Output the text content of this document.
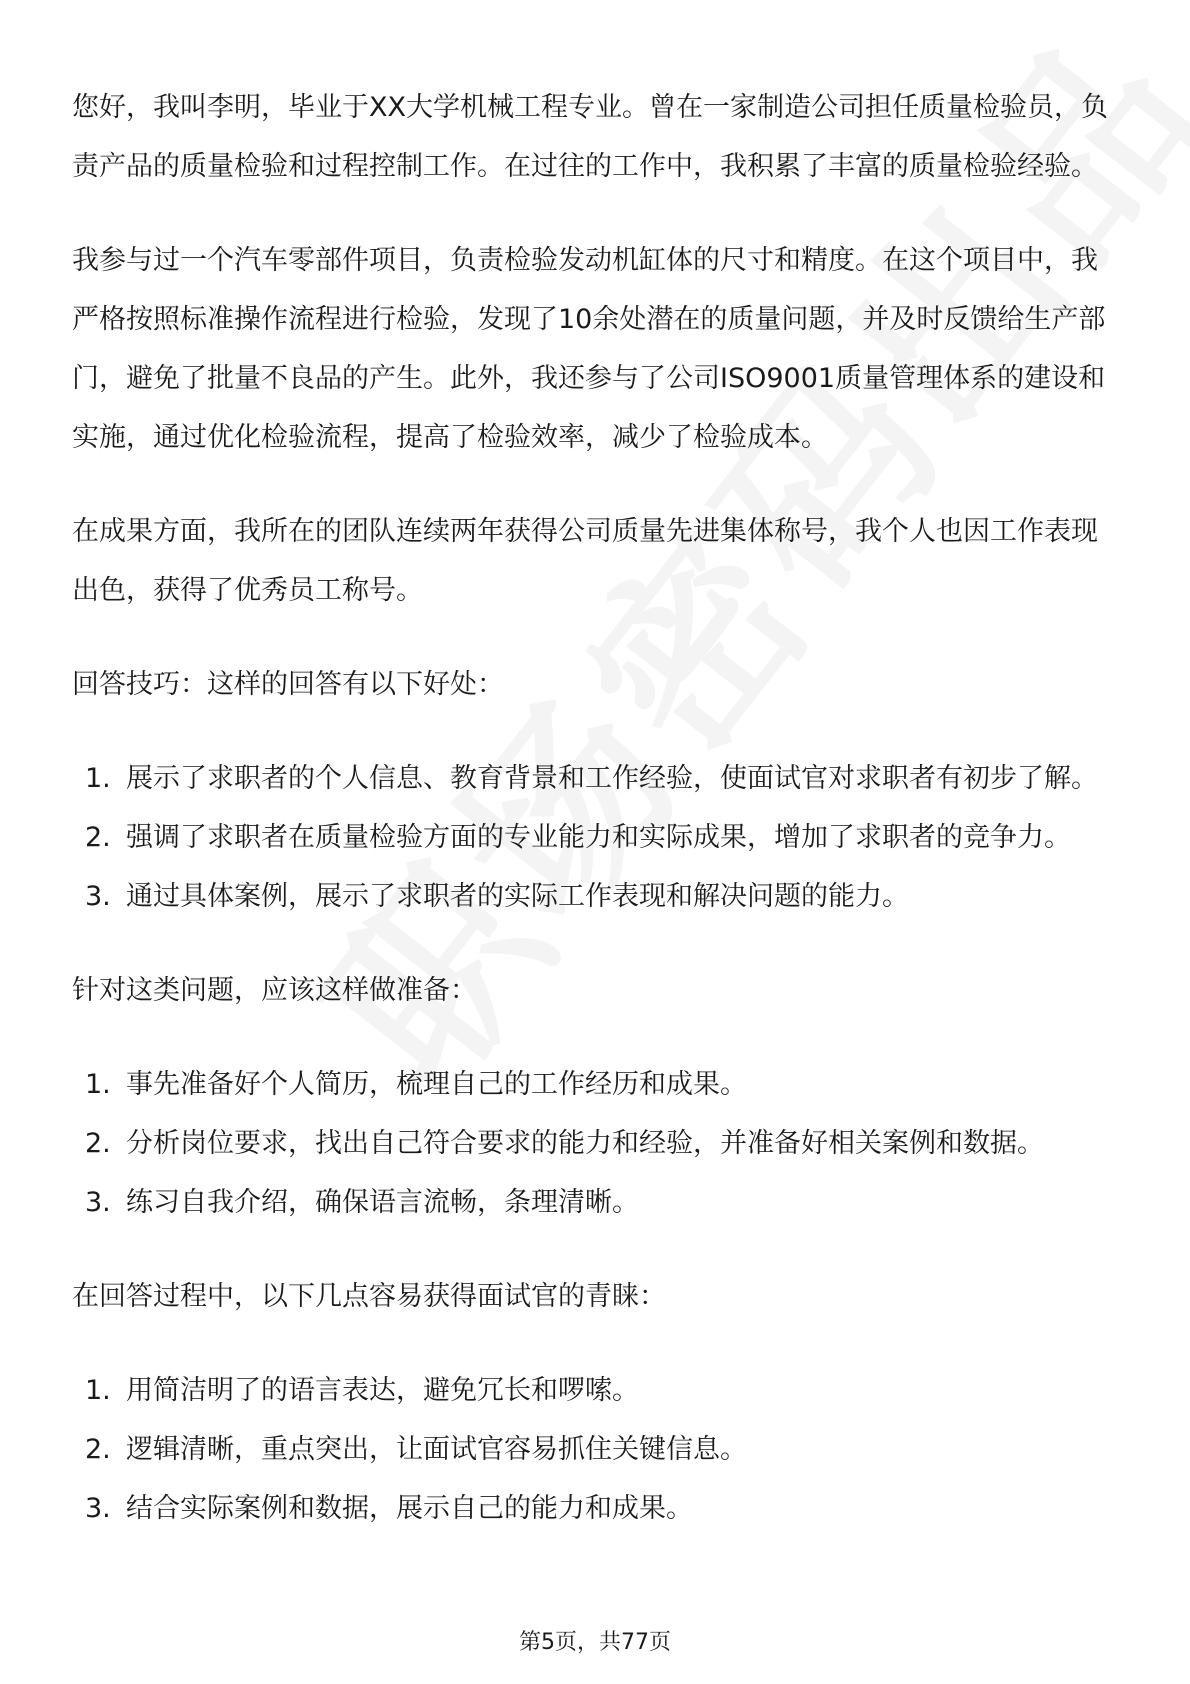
您好，我叫李明，毕业于XX大学机械工程专业。曾在一家制造公司担任质量检验员，负责产品的质量检验和过程控制工作。在过往的工作中，我积累了丰富的质量检验经验。

我参与过一个汽车零部件项目，负责检验发动机缸体的尺寸和精度。在这个项目中，我严格按照标准操作流程进行检验，发现了10余处潜在的质量问题，并及时反馈给生产部门，避免了批量不良品的产生。此外，我还参与了公司ISO9001质量管理体系的建设和实施，通过优化检验流程，提高了检验效率，减少了检验成本。

在成果方面，我所在的团队连续两年获得公司质量先进集体称号，我个人也因工作表现出色，获得了优秀员工称号。

回答技巧：这样的回答有以下好处：

1. 展示了求职者的个人信息、教育背景和工作经验，使面试官对求职者有初步了解。
2. 强调了求职者在质量检验方面的专业能力和实际成果，增加了求职者的竞争力。
3. 通过具体案例，展示了求职者的实际工作表现和解决问题的能力。

针对这类问题，应该这样做准备：

1. 事先准备好个人简历，梳理自己的工作经历和成果。
2. 分析岗位要求，找出自己符合要求的能力和经验，并准备好相关案例和数据。
3. 练习自我介绍，确保语言流畅，条理清晰。

在回答过程中，以下几点容易获得面试官的青睐：

1. 用简洁明了的语言表达，避免冗长和啰嗦。
2. 逻辑清晰，重点突出，让面试官容易抓住关键信息。
3. 结合实际案例和数据，展示自己的能力和成果。
第5页，共77页
